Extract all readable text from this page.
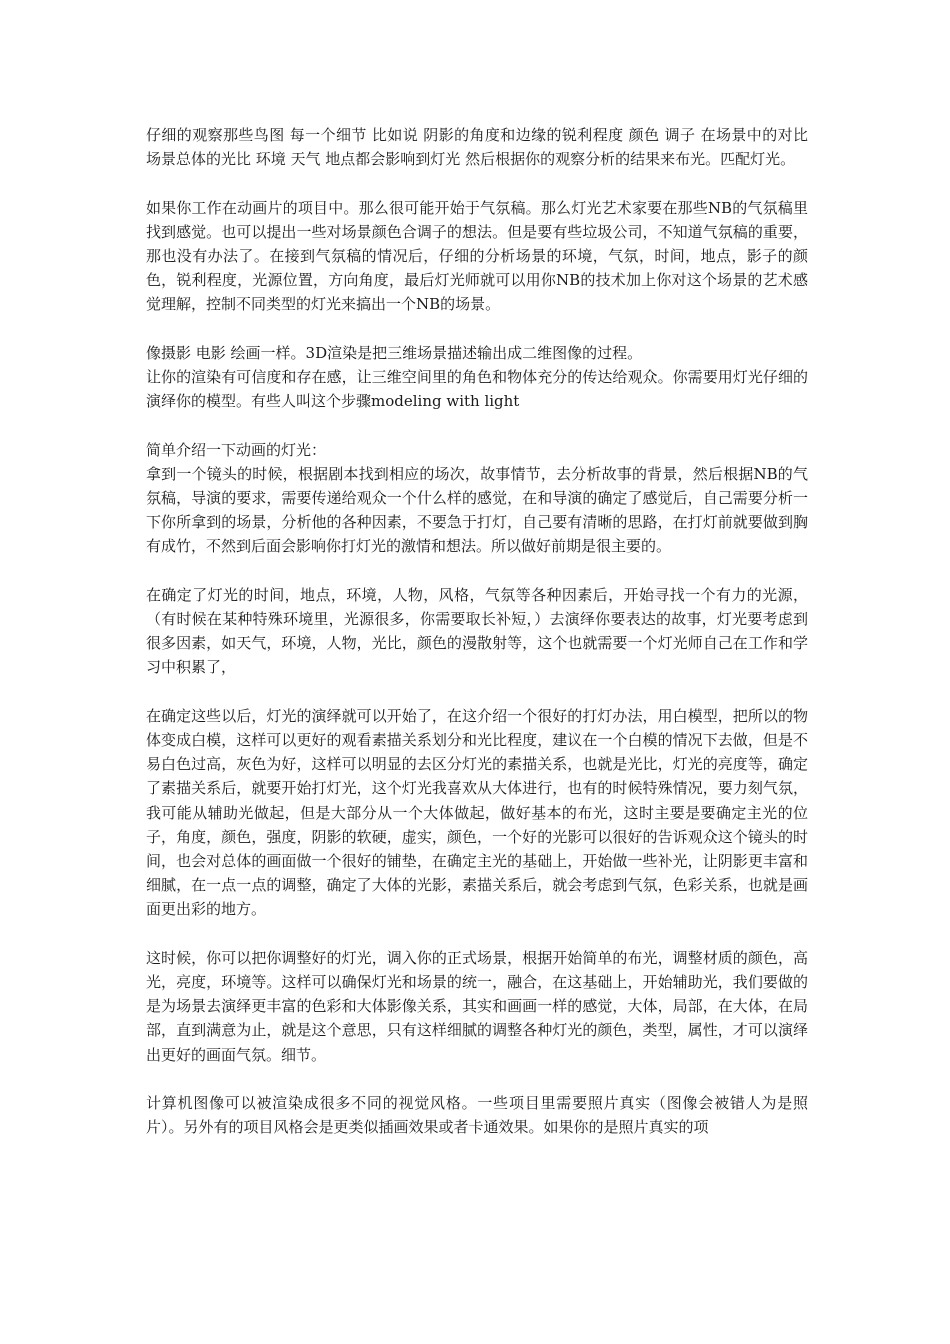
仔细的观察那些鸟图 每一个细节 比如说 阴影的角度和边缘的锐利程度 颜色 调子 在场景中的对比 场景总体的光比 环境 天气 地点都会影响到灯光 然后根据你的观察分析的结果来布光。匹配灯光。

如果你工作在动画片的项目中。那么很可能开始于气氛稿。那么灯光艺术家要在那些NB的气氛稿里找到感觉。也可以提出一些对场景颜色合调子的想法。但是要有些垃圾公司，不知道气氛稿的重要，那也没有办法了。在接到气氛稿的情况后，仔细的分析场景的环境，气氛，时间，地点，影子的颜色，锐利程度，光源位置，方向角度，最后灯光师就可以用你NB的技术加上你对这个场景的艺术感觉理解，控制不同类型的灯光来搞出一个NB的场景。

像摄影 电影 绘画一样。3D渲染是把三维场景描述输出成二维图像的过程。

让你的渲染有可信度和存在感，让三维空间里的角色和物体充分的传达给观众。你需要用灯光仔细的演绎你的模型。有些人叫这个步骤modeling with light

简单介绍一下动画的灯光：

拿到一个镜头的时候，根据剧本找到相应的场次，故事情节，去分析故事的背景，然后根据NB的气氛稿，导演的要求，需要传递给观众一个什么样的感觉，在和导演的确定了感觉后，自己需要分析一下你所拿到的场景，分析他的各种因素，不要急于打灯，自己要有清晰的思路，在打灯前就要做到胸有成竹，不然到后面会影响你打灯光的激情和想法。所以做好前期是很主要的。

在确定了灯光的时间，地点，环境，人物，风格，气氛等各种因素后，开始寻找一个有力的光源，（有时候在某种特殊环境里，光源很多，你需要取长补短，）去演绎你要表达的故事，灯光要考虑到很多因素，如天气，环境，人物，光比，颜色的漫散射等，这个也就需要一个灯光师自己在工作和学习中积累了，

在确定这些以后，灯光的演绎就可以开始了，在这介绍一个很好的打灯办法，用白模型，把所以的物体变成白模，这样可以更好的观看素描关系划分和光比程度，建议在一个白模的情况下去做，但是不易白色过高，灰色为好，这样可以明显的去区分灯光的素描关系，也就是光比，灯光的亮度等，确定了素描关系后，就要开始打灯光，这个灯光我喜欢从大体进行，也有的时候特殊情况，要力刻气氛，我可能从辅助光做起，但是大部分从一个大体做起，做好基本的布光，这时主要是要确定主光的位子，角度，颜色，强度，阴影的软硬，虚实，颜色，一个好的光影可以很好的告诉观众这个镜头的时间，也会对总体的画面做一个很好的铺垫，在确定主光的基础上，开始做一些补光，让阴影更丰富和细腻，在一点一点的调整，确定了大体的光影，素描关系后，就会考虑到气氛，色彩关系，也就是画面更出彩的地方。

这时候，你可以把你调整好的灯光，调入你的正式场景，根据开始简单的布光，调整材质的颜色，高光，亮度，环境等。这样可以确保灯光和场景的统一，融合，在这基础上，开始辅助光，我们要做的是为场景去演绎更丰富的色彩和大体影像关系，其实和画画一样的感觉，大体，局部，在大体，在局部，直到满意为止，就是这个意思，只有这样细腻的调整各种灯光的颜色，类型，属性，才可以演绎出更好的画面气氛。细节。

计算机图像可以被渲染成很多不同的视觉风格。一些项目里需要照片真实（图像会被错人为是照片）。另外有的项目风格会是更类似插画效果或者卡通效果。如果你的是照片真实的项
